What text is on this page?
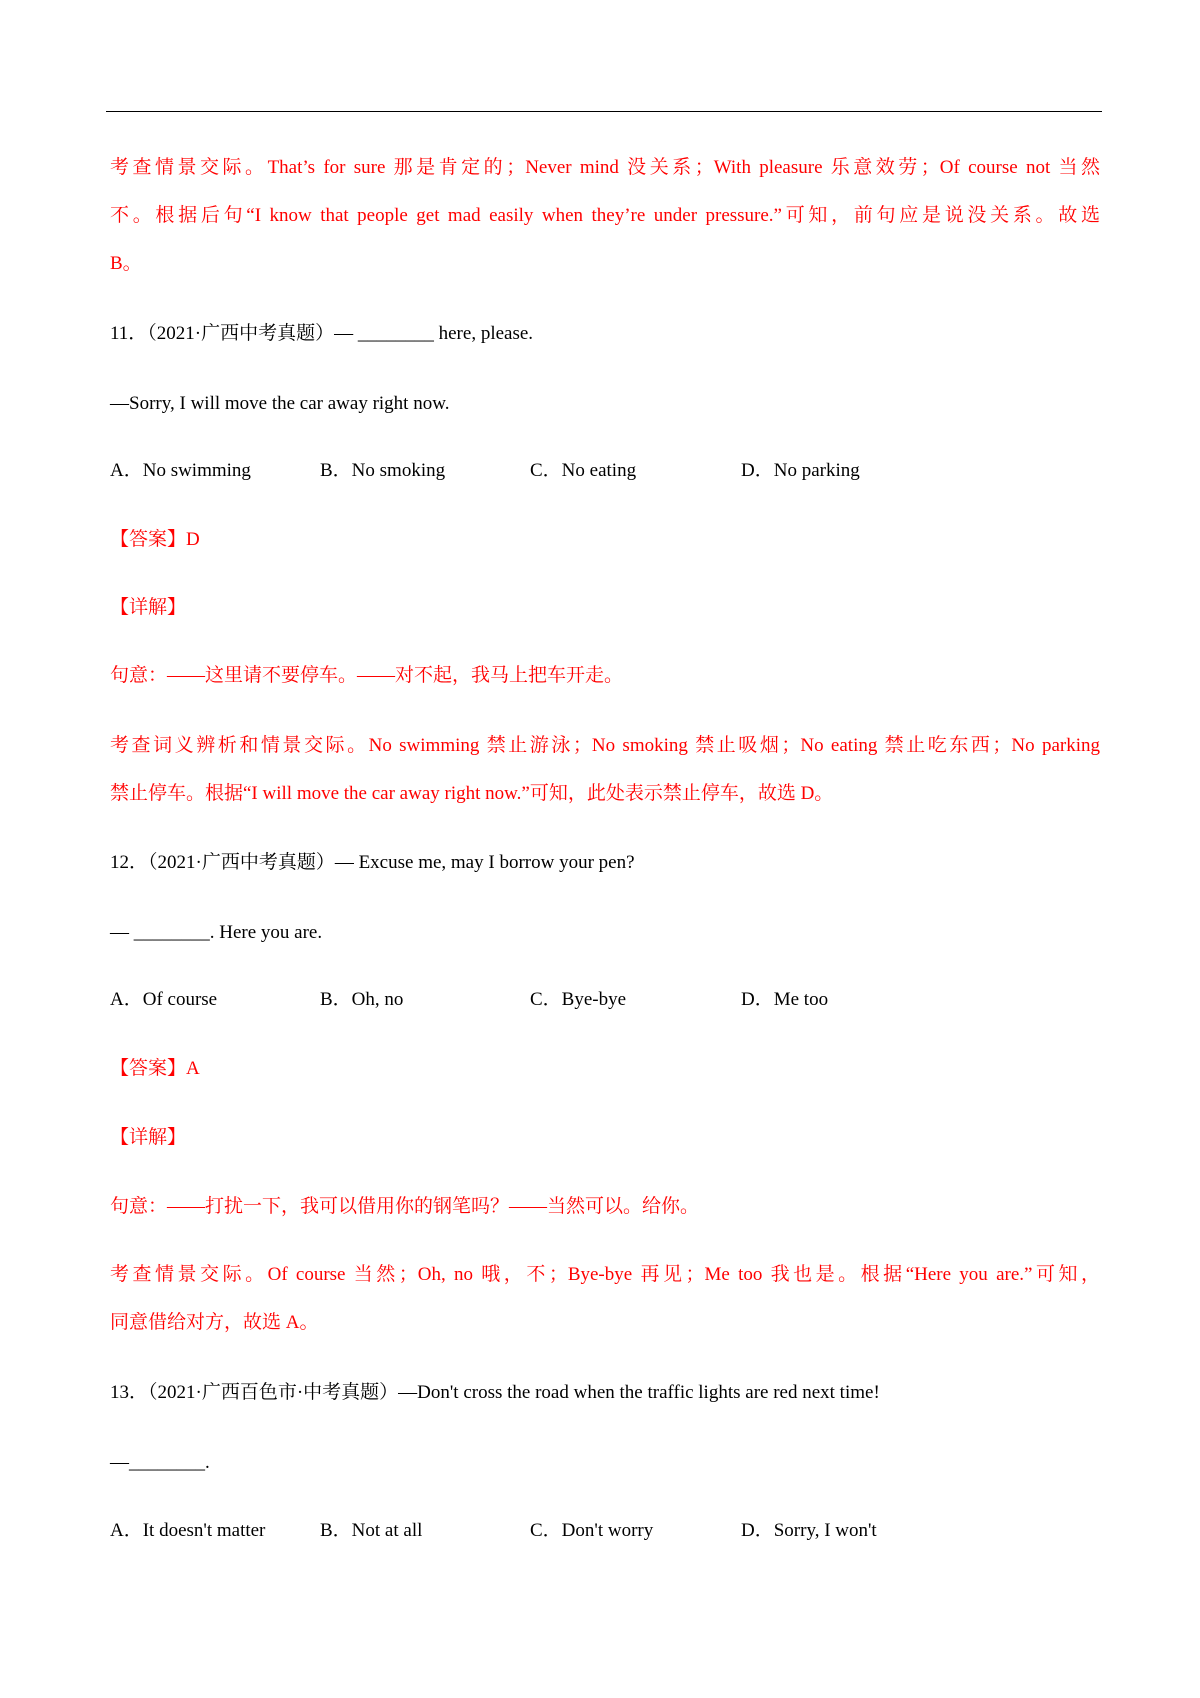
考查情景交际。That’s for sure 那是肯定的；Never mind 没关系；With pleasure 乐意效劳；Of course not 当然
不。根据后句“I know that people get mad easily when they’re under pressure.”可知，前句应是说没关系。故选
B。
11．（2021·广西中考真题）— ________ here, please.
—Sorry, I will move the car away right now.
A．No swimming	B．No smoking	C．No eating	D．No parking
【答案】D
【详解】
句意：——这里请不要停车。——对不起，我马上把车开走。
考查词义辨析和情景交际。No swimming 禁止游泳；No smoking 禁止吸烟；No eating 禁止吃东西；No parking
禁止停车。根据“I will move the car away right now.”可知，此处表示禁止停车，故选 D。
12．（2021·广西中考真题）— Excuse me, may I borrow your pen?
— ________. Here you are.
A．Of course	B．Oh, no	C．Bye-bye	D．Me too
【答案】A
【详解】
句意：——打扰一下，我可以借用你的钢笔吗？——当然可以。给你。
考查情景交际。Of course 当然；Oh, no 哦，不；Bye-bye 再见；Me too 我也是。根据“Here you are.”可知，
同意借给对方，故选 A。
13．（2021·广西百色市·中考真题）—Don't cross the road when the traffic lights are red next time!
—________.
A．It doesn't matter	B．Not at all	C．Don't worry	D．Sorry, I won't
